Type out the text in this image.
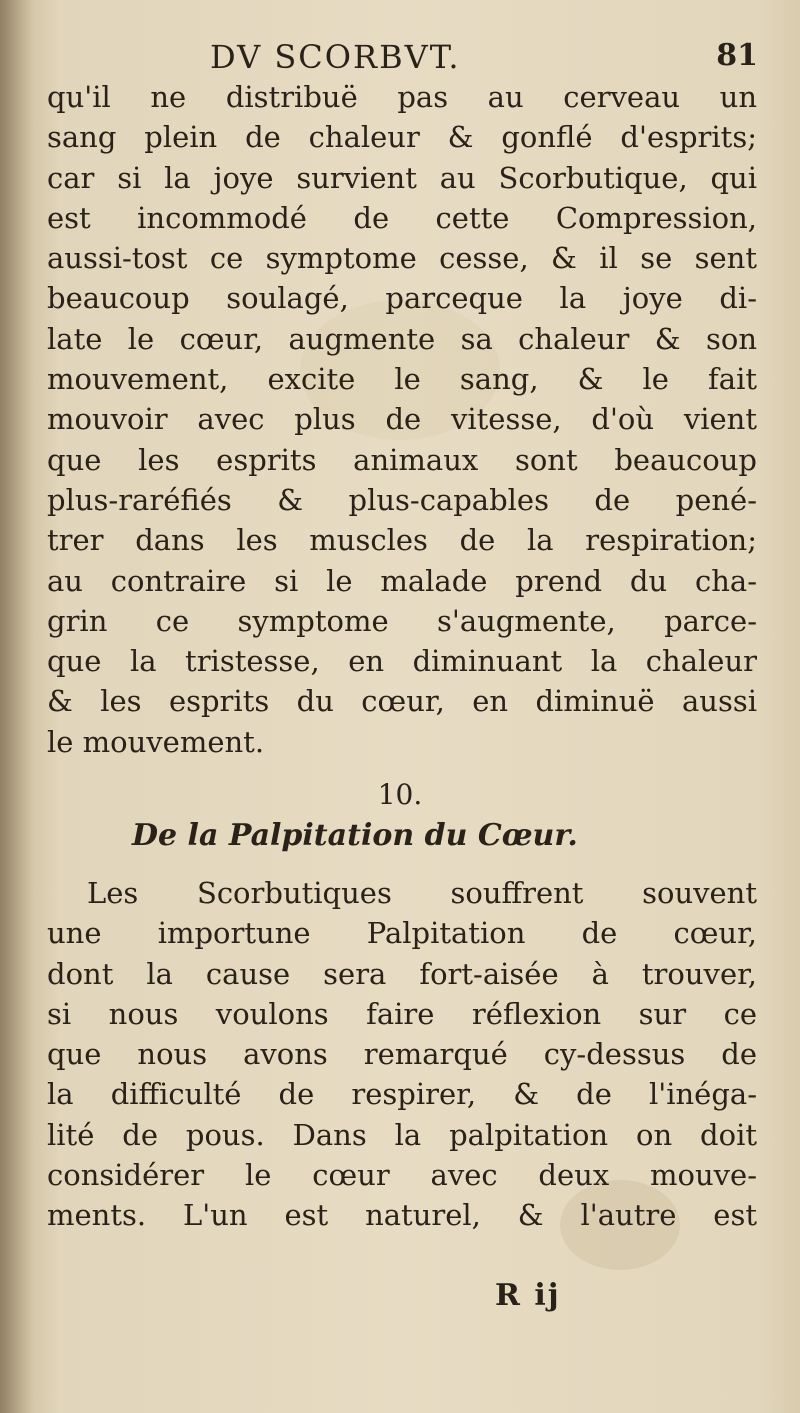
DV SCORBVT.	81
qu'il ne distribuë pas au cerveau un
sang plein de chaleur & gonflé d'esprits;
car si la joye survient au Scorbutique, qui
est incommodé de cette Compression,
aussi-tost ce symptome cesse, & il se sent
beaucoup soulagé, parceque la joye di-
late le cœur, augmente sa chaleur & son
mouvement, excite le sang, & le fait
mouvoir avec plus de vitesse, d'où vient
que les esprits animaux sont beaucoup
plus-raréfiés & plus-capables de pené-
trer dans les muscles de la respiration;
au contraire si le malade prend du cha-
grin ce symptome s'augmente, parce-
que la tristesse, en diminuant la chaleur
& les esprits du cœur, en diminuë aussi
le mouvement.
10.
De la Palpitation du Cœur.
Les Scorbutiques souffrent souvent
une importune Palpitation de cœur,
dont la cause sera fort-aisée à trouver,
si nous voulons faire réflexion sur ce
que nous avons remarqué cy-dessus de
la difficulté de respirer, & de l'inéga-
lité de pous. Dans la palpitation on doit
considérer le cœur avec deux mouve-
ments. L'un est naturel, & l'autre est
R ij
